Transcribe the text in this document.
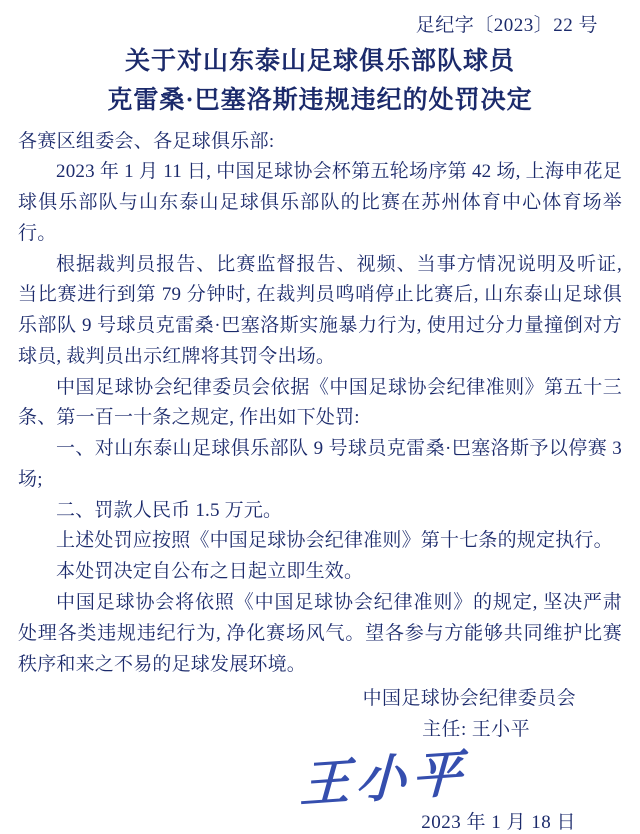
足纪字〔2023〕22 号
关于对山东泰山足球俱乐部队球员
克雷桑·巴塞洛斯违规违纪的处罚决定
各赛区组委会、各足球俱乐部:

2023 年 1 月 11 日, 中国足球协会杯第五轮场序第 42 场, 上海申花足球俱乐部队与山东泰山足球俱乐部队的比赛在苏州体育中心体育场举行。

根据裁判员报告、比赛监督报告、视频、当事方情况说明及听证, 当比赛进行到第 79 分钟时, 在裁判员鸣哨停止比赛后, 山东泰山足球俱乐部队 9 号球员克雷桑·巴塞洛斯实施暴力行为, 使用过分力量撞倒对方球员, 裁判员出示红牌将其罚令出场。

中国足球协会纪律委员会依据《中国足球协会纪律准则》第五十三条、第一百一十条之规定, 作出如下处罚:

一、对山东泰山足球俱乐部队 9 号球员克雷桑·巴塞洛斯予以停赛 3 场;

二、罚款人民币 1.5 万元。

上述处罚应按照《中国足球协会纪律准则》第十七条的规定执行。

本处罚决定自公布之日起立即生效。

中国足球协会将依照《中国足球协会纪律准则》的规定, 坚决严肃处理各类违规违纪行为, 净化赛场风气。望各参与方能够共同维护比赛秩序和来之不易的足球发展环境。

中国足球协会纪律委员会
主任: 王小平
王小平
2023 年 1 月 18 日
